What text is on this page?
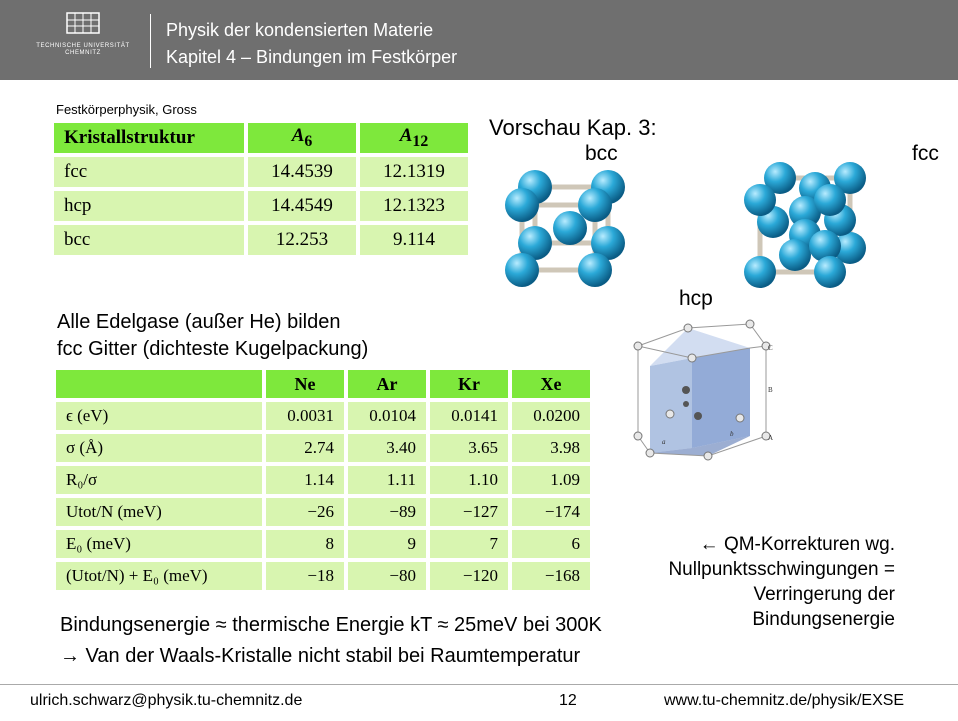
TECHNISCHE UNIVERSITÄT
CHEMNITZ
Physik der kondensierten Materie
Kapitel 4 – Bindungen im Festkörper
Festkörperphysik, Gross
Kristallstruktur	$A_6$	$A_{12}$
fcc	14.4539	12.1319
hcp	14.4549	12.1323
bcc	12.253	9.114
Vorschau Kap. 3:
bcc	fcc
hcp
C
B
A
a
b
Alle Edelgase (außer He) bilden
fcc Gitter (dichteste Kugelpackung)
	Ne	Ar	Kr	Xe
ϵ (eV)	0.0031	0.0104	0.0141	0.0200
σ (Å)	2.74	3.40	3.65	3.98
R₀/σ	1.14	1.11	1.10	1.09
Utot/N (meV)	−26	−89	−127	−174
E₀ (meV)	8	9	7	6
(Utot/N) + E₀ (meV)	−18	−80	−120	−168
← QM-Korrekturen wg.
Nullpunktsschwingungen =
Verringerung der
Bindungsenergie
Bindungsenergie ≈ thermische Energie kT ≈ 25meV bei 300K
→ Van der Waals-Kristalle nicht stabil bei Raumtemperatur
ulrich.schwarz@physik.tu-chemnitz.de	12	www.tu-chemnitz.de/physik/EXSE
